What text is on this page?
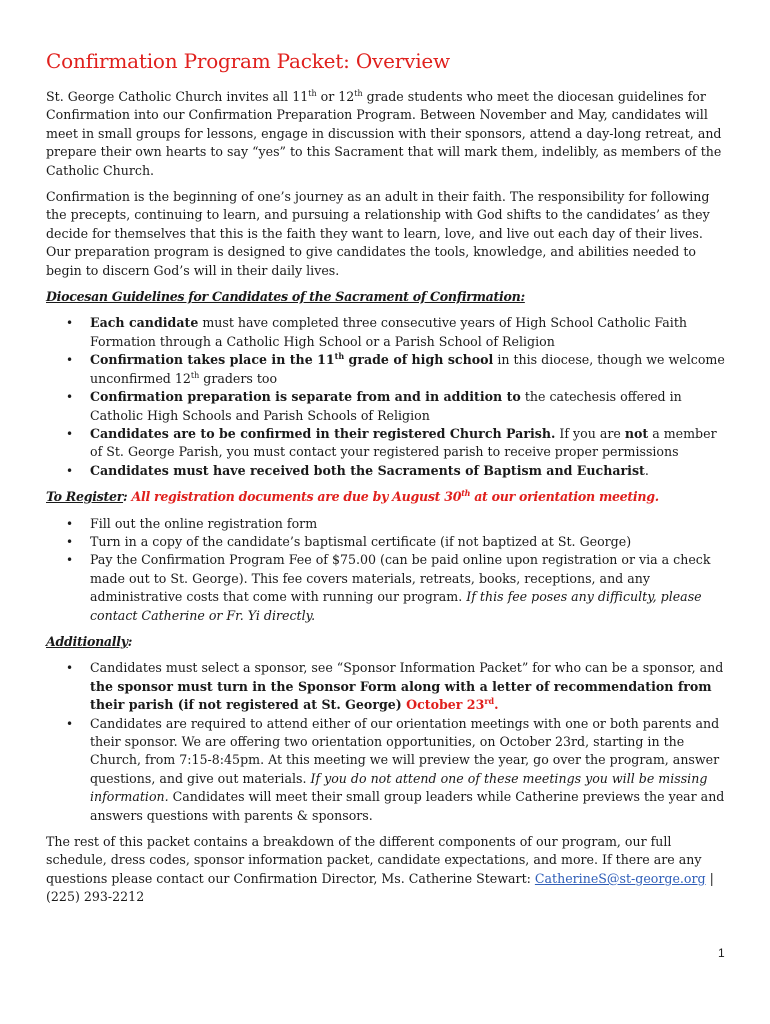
Confirmation Program Packet: Overview

St. George Catholic Church invites all 11th or 12th grade students who meet the diocesan guidelines for Confirmation into our Confirmation Preparation Program. Between November and May, candidates will meet in small groups for lessons, engage in discussion with their sponsors, attend a day-long retreat, and prepare their own hearts to say “yes” to this Sacrament that will mark them, indelibly, as members of the Catholic Church.

Confirmation is the beginning of one’s journey as an adult in their faith. The responsibility for following the precepts, continuing to learn, and pursuing a relationship with God shifts to the candidates’ as they decide for themselves that this is the faith they want to learn, love, and live out each day of their lives. Our preparation program is designed to give candidates the tools, knowledge, and abilities needed to begin to discern God’s will in their daily lives.

Diocesan Guidelines for Candidates of the Sacrament of Confirmation:
• Each candidate must have completed three consecutive years of High School Catholic Faith Formation through a Catholic High School or a Parish School of Religion
• Confirmation takes place in the 11th grade of high school in this diocese, though we welcome unconfirmed 12th graders too
• Confirmation preparation is separate from and in addition to the catechesis offered in Catholic High Schools and Parish Schools of Religion
• Candidates are to be confirmed in their registered Church Parish. If you are not a member of St. George Parish, you must contact your registered parish to receive proper permissions
• Candidates must have received both the Sacraments of Baptism and Eucharist.
To Register: All registration documents are due by August 30th at our orientation meeting.
• Fill out the online registration form
• Turn in a copy of the candidate’s baptismal certificate (if not baptized at St. George)
• Pay the Confirmation Program Fee of $75.00 (can be paid online upon registration or via a check made out to St. George). This fee covers materials, retreats, books, receptions, and any administrative costs that come with running our program. If this fee poses any difficulty, please contact Catherine or Fr. Yi directly.
Additionally:
• Candidates must select a sponsor, see “Sponsor Information Packet” for who can be a sponsor, and the sponsor must turn in the Sponsor Form along with a letter of recommendation from their parish (if not registered at St. George) October 23rd.
• Candidates are required to attend either of our orientation meetings with one or both parents and their sponsor. We are offering two orientation opportunities, on October 23rd, starting in the Church, from 7:15-8:45pm. At this meeting we will preview the year, go over the program, answer questions, and give out materials. If you do not attend one of these meetings you will be missing information. Candidates will meet their small group leaders while Catherine previews the year and answers questions with parents & sponsors.

The rest of this packet contains a breakdown of the different components of our program, our full schedule, dress codes, sponsor information packet, candidate expectations, and more. If there are any questions please contact our Confirmation Director, Ms. Catherine Stewart: CatherineS@st-george.org | (225) 293-2212

1
